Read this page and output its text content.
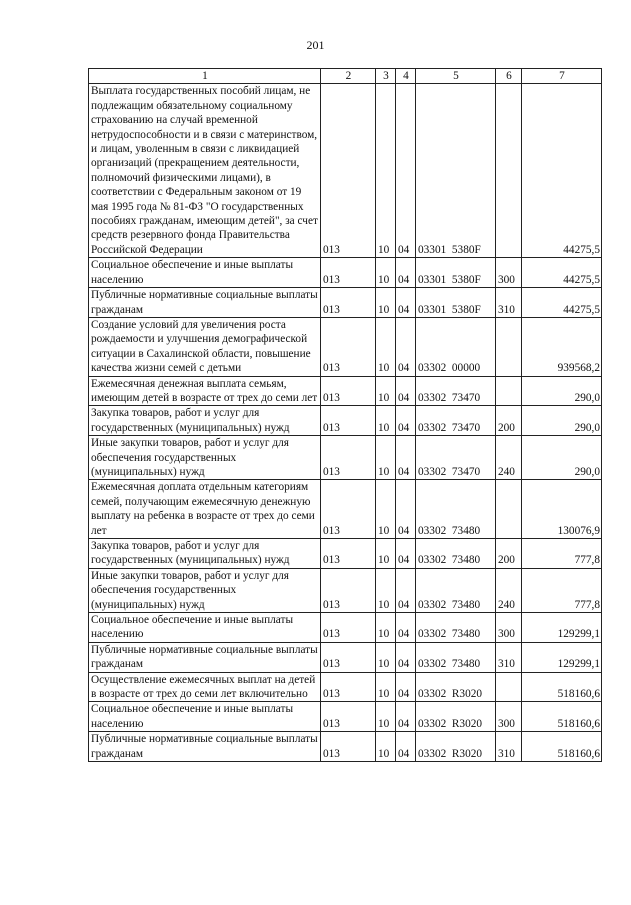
201
1	2	3	4	5	6	7
Выплата государственных пособий лицам, не подлежащим обязательному социальному страхованию на случай временной нетрудоспособности и в связи с материнством, и лицам, уволенным в связи с ликвидацией организаций (прекращением деятельности, полномочий физическими лицами), в соответствии с Федеральным законом от 19 мая 1995 года № 81-ФЗ "О государственных пособиях гражданам, имеющим детей", за счет средств резервного фонда Правительства Российской Федерации	013	10	04	03301  5380F		44275,5
Социальное обеспечение и иные выплаты населению	013	10	04	03301  5380F	300	44275,5
Публичные нормативные социальные выплаты гражданам	013	10	04	03301  5380F	310	44275,5
Создание условий для увеличения роста рождаемости и улучшения демографической ситуации в Сахалинской области, повышение качества жизни семей с детьми	013	10	04	03302  00000		939568,2
Ежемесячная денежная выплата семьям, имеющим детей в возрасте от трех до семи лет	013	10	04	03302  73470		290,0
Закупка товаров, работ и услуг для государственных (муниципальных) нужд	013	10	04	03302  73470	200	290,0
Иные закупки товаров, работ и услуг для обеспечения государственных (муниципальных) нужд	013	10	04	03302  73470	240	290,0
Ежемесячная доплата отдельным категориям семей, получающим ежемесячную денежную выплату на ребенка в возрасте от трех до семи лет	013	10	04	03302  73480		130076,9
Закупка товаров, работ и услуг для государственных (муниципальных) нужд	013	10	04	03302  73480	200	777,8
Иные закупки товаров, работ и услуг для обеспечения государственных (муниципальных) нужд	013	10	04	03302  73480	240	777,8
Социальное обеспечение и иные выплаты населению	013	10	04	03302  73480	300	129299,1
Публичные нормативные социальные выплаты гражданам	013	10	04	03302  73480	310	129299,1
Осуществление ежемесячных выплат на детей в возрасте от трех до семи лет включительно	013	10	04	03302  R3020		518160,6
Социальное обеспечение и иные выплаты населению	013	10	04	03302  R3020	300	518160,6
Публичные нормативные социальные выплаты гражданам	013	10	04	03302  R3020	310	518160,6
